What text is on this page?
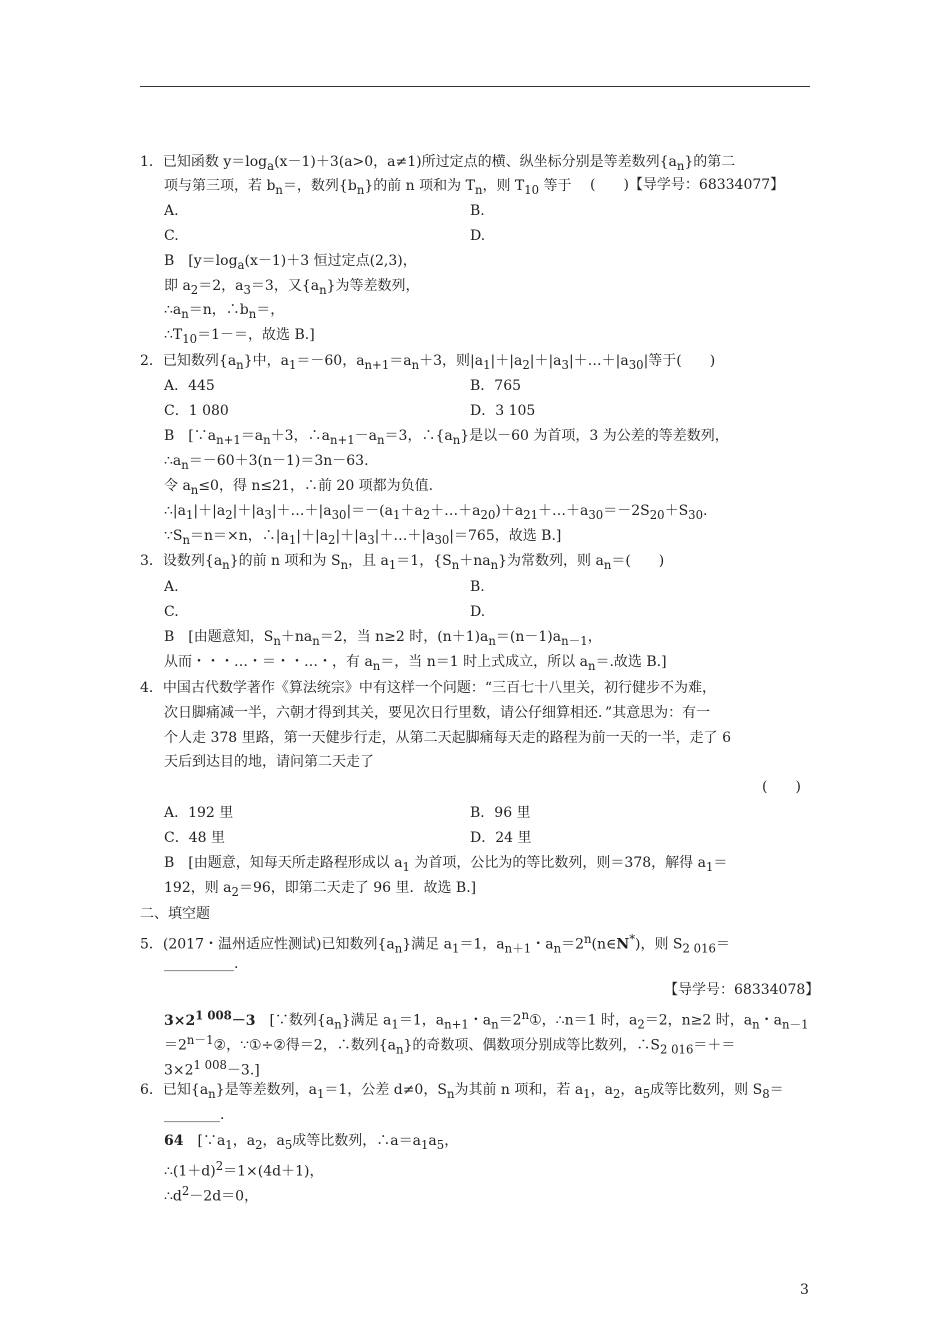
1．已知函数 $y=\log_a(x-1)+3(a>0$，a≠1)所过定点的横、纵坐标分别是等差数列$\{a_n\}$的第二
项与第三项，若 $b_n=$，数列$\{b_n\}$的前 n 项和为 $T_n$，则 $T_{10}$ 等于 (　　)【导学号：68334077】
A.	B.
C.	D.
B　[$y=\log_a(x-1)+3$ 恒过定点(2,3)，
即 $a_2=2$，$a_3=3$，又$\{a_n\}$为等差数列，
$\therefore a_n=n$，$\therefore b_n=$，
$\therefore T_{10}=1-=$，故选 B.]
2．已知数列$\{a_n\}$中，$a_1=-60$，$a_{n+1}=a_n+3$，则$|a_1|+|a_2|+|a_3|+\dots+|a_{30}|$等于(　　)
A．445	B．765
C．1 080	D．3 105
B　[$\because a_{n+1}=a_n+3$，$\therefore a_{n+1}-a_n=3$，$\therefore\{a_n\}$是以－60 为首项，3 为公差的等差数列，
$\therefore a_n=-60+3(n-1)=3n-63$.
令 $a_n\le 0$，得 n≤21，∴前 20 项都为负值.
$\therefore|a_1|+|a_2|+|a_3|+\dots+|a_{30}|=-(a_1+a_2+\dots+a_{20})+a_{21}+\dots+a_{30}=-2S_{20}+S_{30}$.
$\because S_n=n=\times n$，$\therefore|a_1|+|a_2|+|a_3|+\dots+|a_{30}|=765$，故选 B.]
3．设数列$\{a_n\}$的前 n 项和为 $S_n$，且 $a_1=1$，$\{S_n+na_n\}$为常数列，则 $a_n=$(　　)
A.	B.
C.	D.
B　[由题意知，$S_n+na_n=2$，当 n≥2 时，$(n+1)a_n=(n-1)a_{n-1}$，
从而・・・…・＝・・…・，有 $a_n=$，当 n＝1 时上式成立，所以 $a_n=$.故选 B.]
4．中国古代数学著作《算法统宗》中有这样一个问题：“三百七十八里关，初行健步不为难，
次日脚痛减一半，六朝才得到其关，要见次日行里数，请公仔细算相还．”其意思为：有一
个人走 378 里路，第一天健步行走，从第二天起脚痛每天走的路程为前一天的一半，走了 6
天后到达目的地，请问第二天走了
(　　)
A．192 里	B．96 里
C．48 里	D．24 里
B　[由题意，知每天所走路程形成以 $a_1$ 为首项，公比为的等比数列，则＝378，解得 $a_1=$
192，则 $a_2=96$，即第二天走了 96 里．故选 B.]
二、填空题
5．(2017・温州适应性测试)已知数列$\{a_n\}$满足 $a_1=1$，$a_{n+1}$・$a_n=2^n(n\in N^*)$，则 $S_{2 016}=$
__________.
【导学号：68334078】
$3\times 2^{1 008}-3$　[∵数列$\{a_n\}$满足 $a_1=1$，$a_{n+1}$・$a_n=2^n①$，∴n＝1 时，$a_2=2$，n≥2 时，$a_n$・$a_{n-1}$
$=2^{n-1}②$，∵①÷②得＝2，∴数列$\{a_n\}$的奇数项、偶数项分别成等比数列，$\therefore S_{2 016}=+=$
$3\times 2^{1 008}-3$.]
6．已知$\{a_n\}$是等差数列，$a_1=1$，公差 d≠0，$S_n$为其前 n 项和，若 $a_1$，$a_2$，$a_5$成等比数列，则 $S_8=$
________.
64　[$\because a_1$，$a_2$，$a_5$成等比数列，$\therefore a=a_1a_5$，
$\therefore(1+d)^2=1\times(4d+1)$，
$\therefore d^2-2d=0$，
3
